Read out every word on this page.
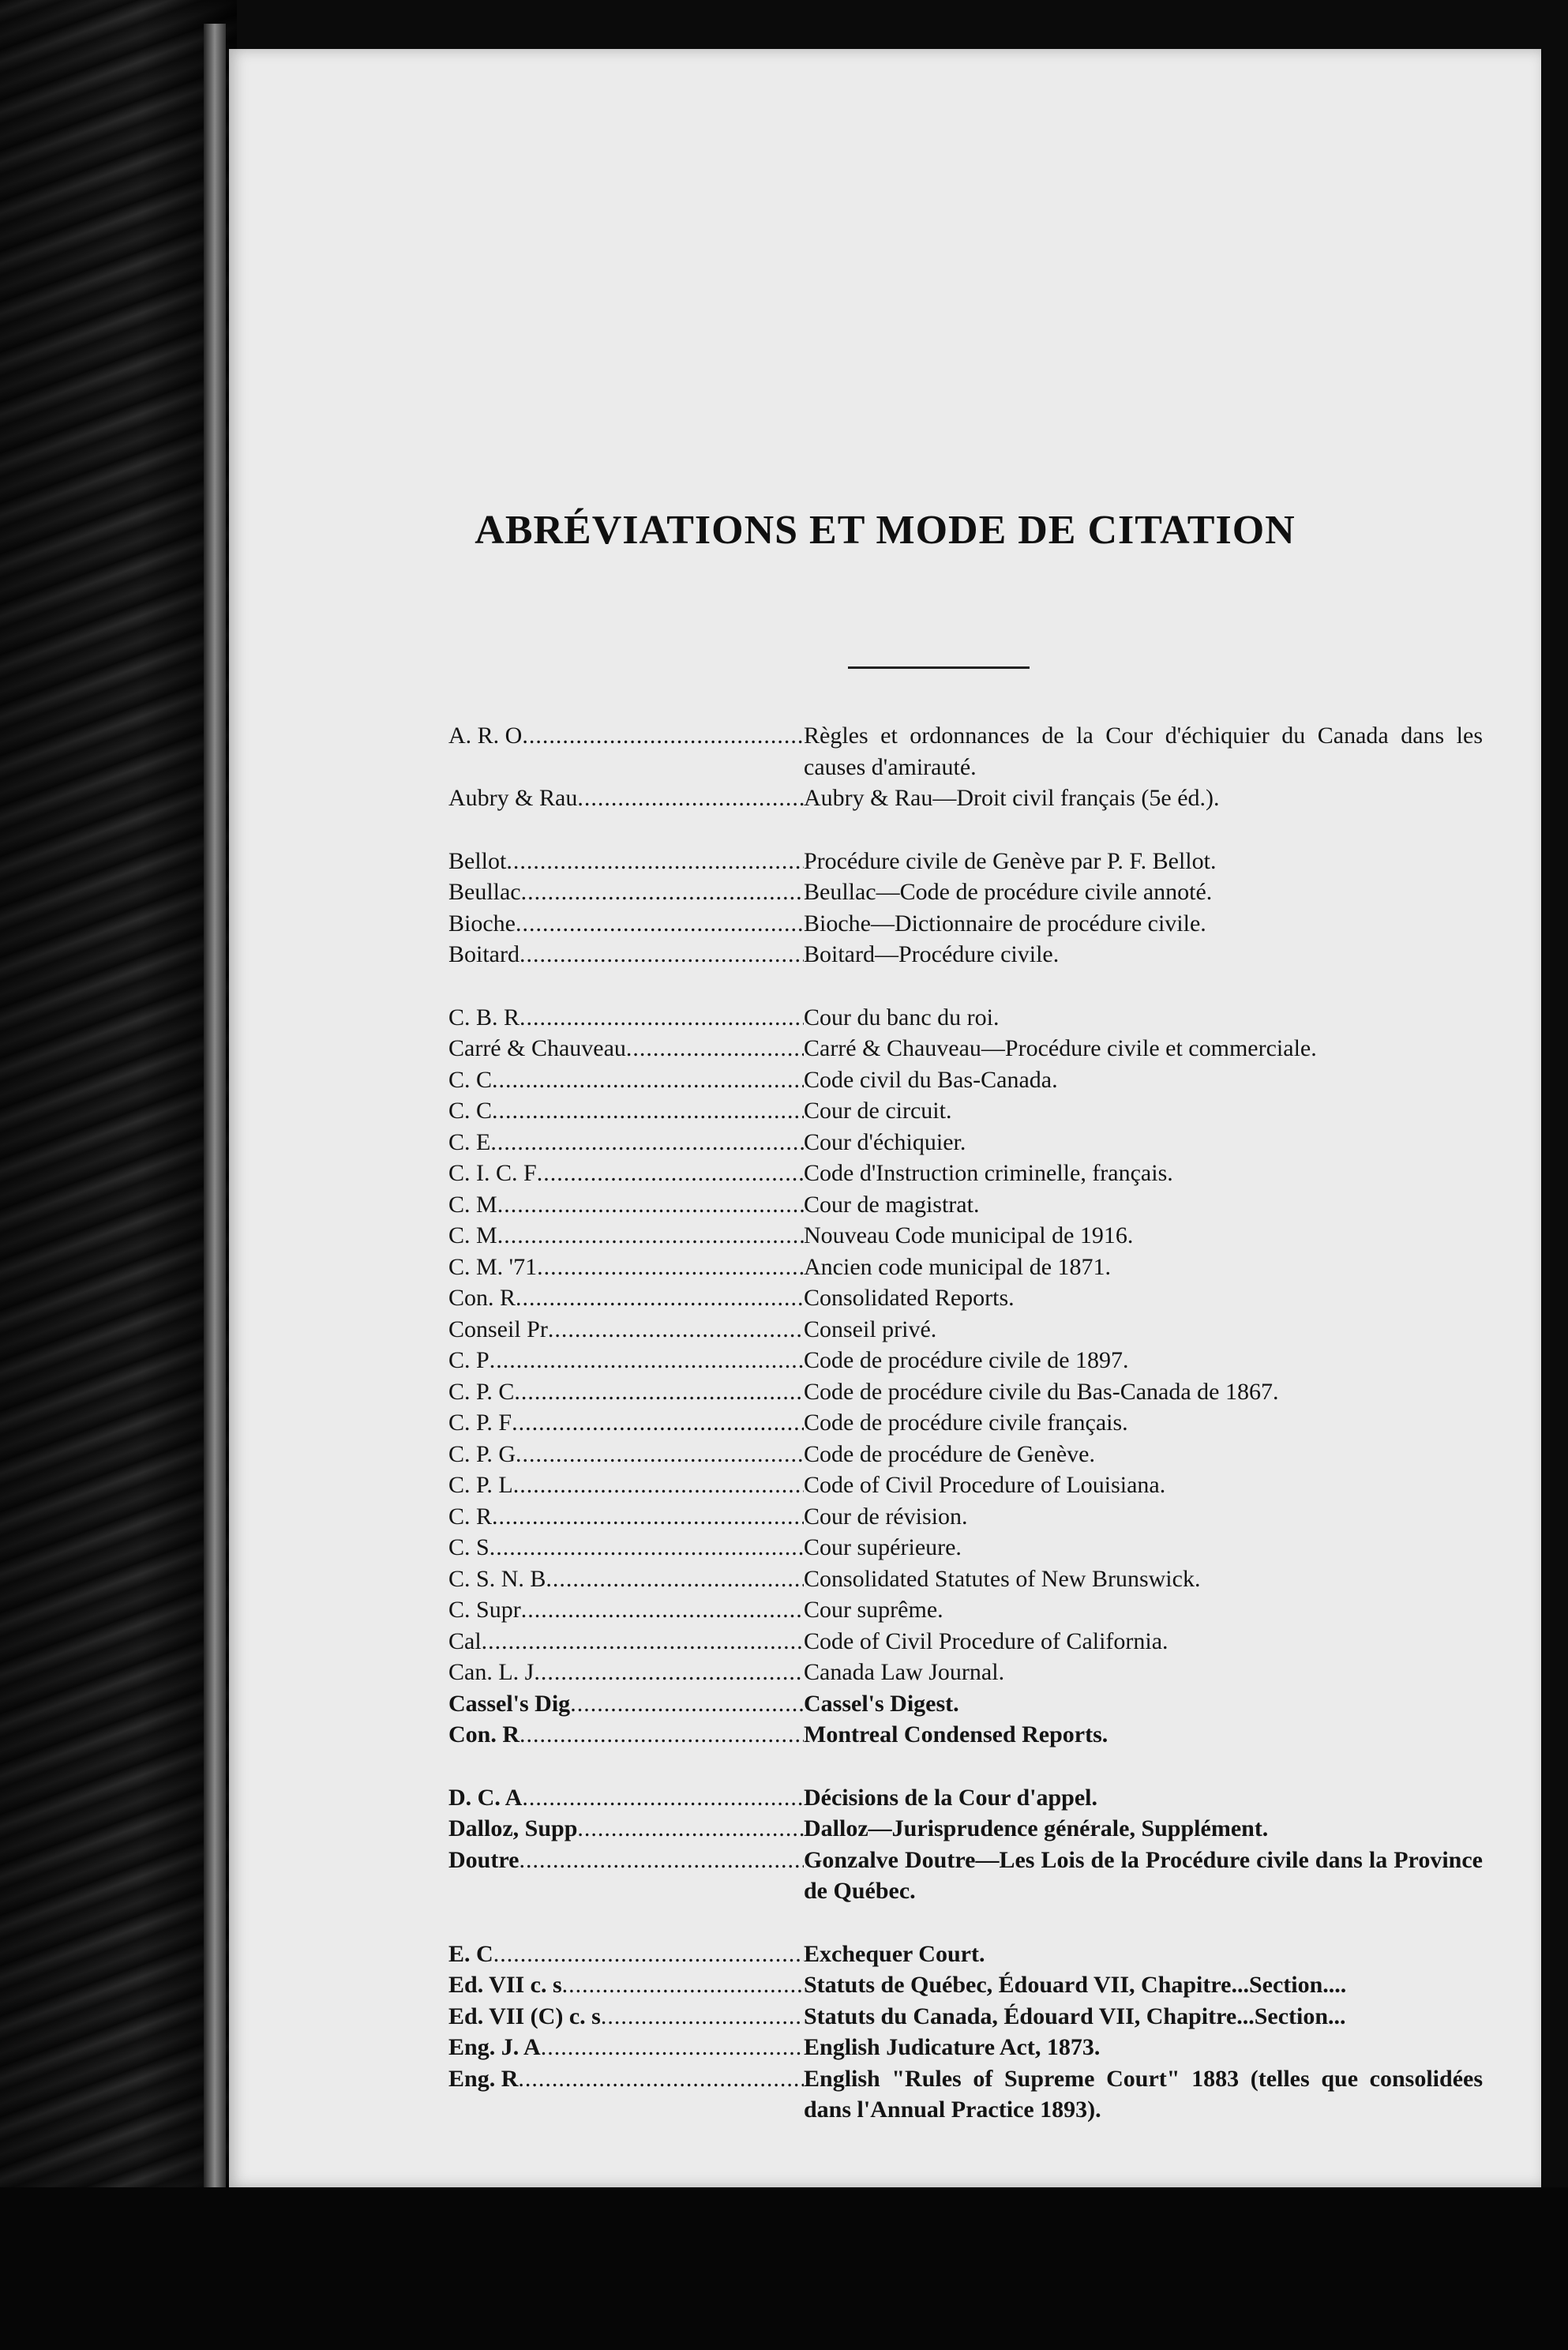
ABRÉVIATIONS ET MODE DE CITATION
A. R. O .....	Règles et ordonnances de la Cour d'échiquier du Canada dans les causes d'amirauté.
Aubry & Rau .....	Aubry & Rau—Droit civil français (5e éd.).
Bellot .....	Procédure civile de Genève par P. F. Bellot.
Beullac .....	Beullac—Code de procédure civile annoté.
Bioche .....	Bioche—Dictionnaire de procédure civile.
Boitard .....	Boitard—Procédure civile.
C. B. R .....	Cour du banc du roi.
Carré & Chauveau .....	Carré & Chauveau—Procédure civile et commerciale.
C. C .....	Code civil du Bas-Canada.
C. C .....	Cour de circuit.
C. E .....	Cour d'échiquier.
C. I. C. F .....	Code d'Instruction criminelle, français.
C. M .....	Cour de magistrat.
C. M .....	Nouveau Code municipal de 1916.
C. M. '71 .....	Ancien code municipal de 1871.
Con. R .....	Consolidated Reports.
Conseil Pr .....	Conseil privé.
C. P .....	Code de procédure civile de 1897.
C. P. C .....	Code de procédure civile du Bas-Canada de 1867.
C. P. F .....	Code de procédure civile français.
C. P. G .....	Code de procédure de Genève.
C. P. L .....	Code of Civil Procedure of Louisiana.
C. R .....	Cour de révision.
C. S .....	Cour supérieure.
C. S. N. B .....	Consolidated Statutes of New Brunswick.
C. Supr .....	Cour suprême.
Cal .....	Code of Civil Procedure of California.
Can. L. J .....	Canada Law Journal.
Cassel's Dig .....	Cassel's Digest.
Con. R .....	Montreal Condensed Reports.
D. C. A .....	Décisions de la Cour d'appel.
Dalloz, Supp .....	Dalloz—Jurisprudence générale, Supplément.
Doutre .....	Gonzalve Doutre—Les Lois de la Procédure civile dans la Province de Québec.
E. C .....	Exchequer Court.
Ed. VII c. s .....	Statuts de Québec, Édouard VII, Chapitre...Section....
Ed. VII (C) c. s .....	Statuts du Canada, Édouard VII, Chapitre...Section...
Eng. J. A .....	English Judicature Act, 1873.
Eng. R .....	English "Rules of Supreme Court" 1883 (telles que consolidées dans l'Annual Practice 1893).
